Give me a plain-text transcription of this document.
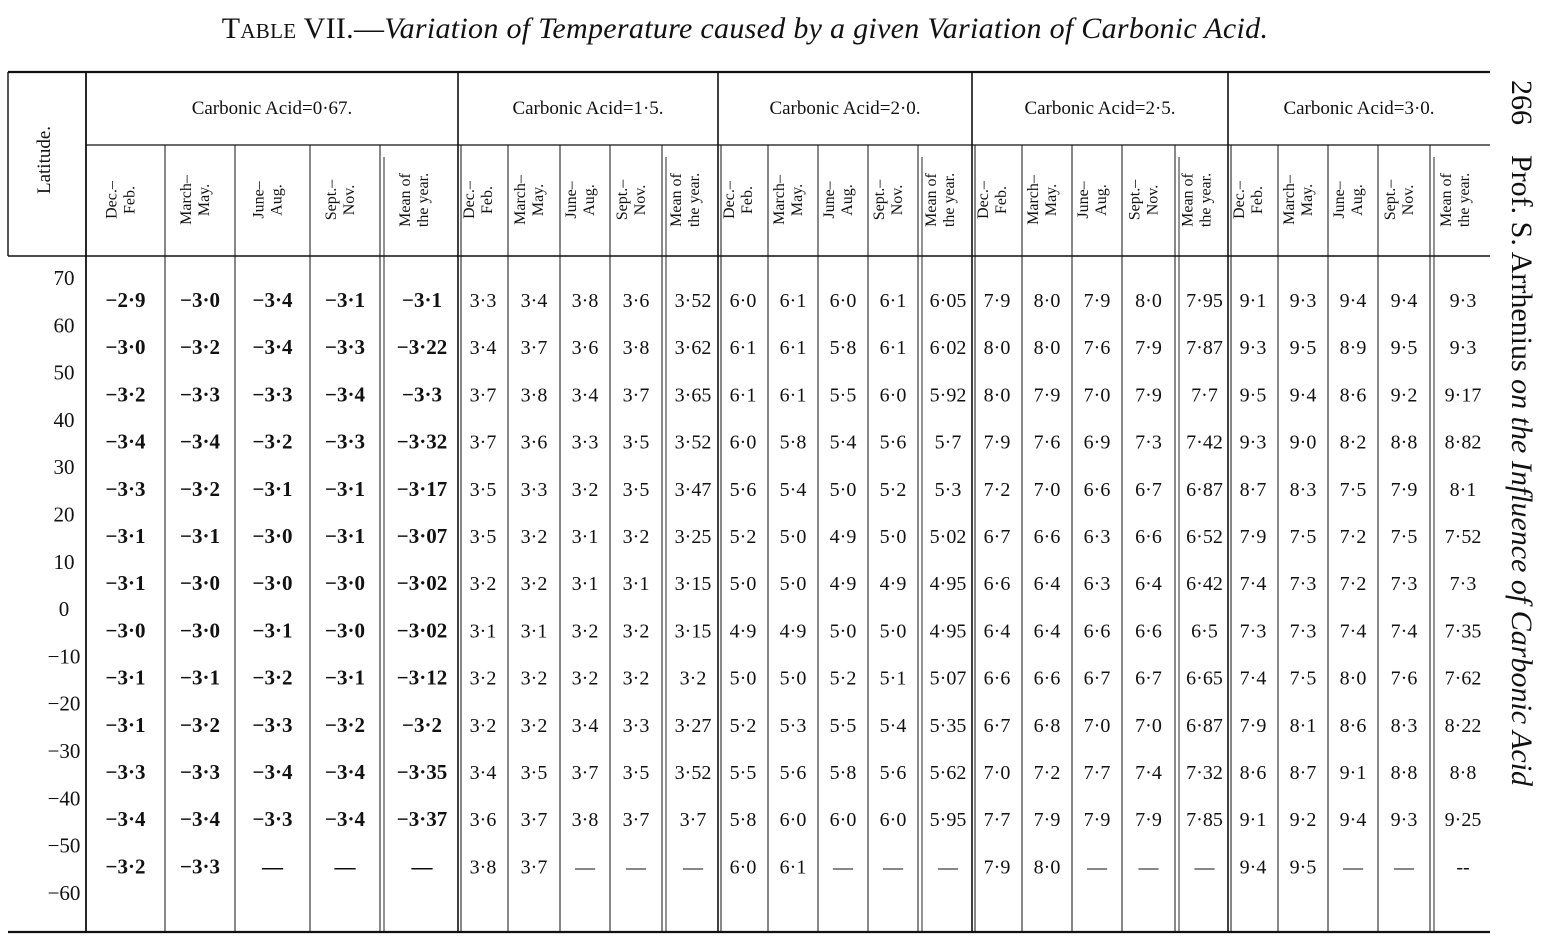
Table VII.—Variation of Temperature caused by a given Variation of Carbonic Acid.
266    Prof. S. Arrhenius on the Influence of Carbonic Acid
Latitude.
70
60
50
40
30
20
10
0
−10
−20
−30
−40
−50
−60
Carbonic Acid=0·67.
Dec.– Feb. March– May. June– Aug. Sept.– Nov. Mean of the year.
Carbonic Acid=1·5.
Dec.– Feb. March– May. June– Aug. Sept.– Nov. Mean of the year.
Carbonic Acid=2·0.
Dec.– Feb. March– May. June– Aug. Sept.– Nov. Mean of the year.
Carbonic Acid=2·5.
Dec.– Feb. March– May. June– Aug. Sept.– Nov. Mean of the year.
Carbonic Acid=3·0.
Dec.– Feb. March– May. June– Aug. Sept.– Nov. Mean of the year.
−2·9 −3·0 −3·4 −3·1 −3·1 3·3 3·4 3·8 3·6 3·52 6·0 6·1 6·0 6·1 6·05 7·9 8·0 7·9 8·0 7·95 9·1 9·3 9·4 9·4 9·3
−3·0 −3·2 −3·4 −3·3 −3·22 3·4 3·7 3·6 3·8 3·62 6·1 6·1 5·8 6·1 6·02 8·0 8·0 7·6 7·9 7·87 9·3 9·5 8·9 9·5 9·3
−3·2 −3·3 −3·3 −3·4 −3·3 3·7 3·8 3·4 3·7 3·65 6·1 6·1 5·5 6·0 5·92 8·0 7·9 7·0 7·9 7·7 9·5 9·4 8·6 9·2 9·17
−3·4 −3·4 −3·2 −3·3 −3·32 3·7 3·6 3·3 3·5 3·52 6·0 5·8 5·4 5·6 5·7 7·9 7·6 6·9 7·3 7·42 9·3 9·0 8·2 8·8 8·82
−3·3 −3·2 −3·1 −3·1 −3·17 3·5 3·3 3·2 3·5 3·47 5·6 5·4 5·0 5·2 5·3 7·2 7·0 6·6 6·7 6·87 8·7 8·3 7·5 7·9 8·1
−3·1 −3·1 −3·0 −3·1 −3·07 3·5 3·2 3·1 3·2 3·25 5·2 5·0 4·9 5·0 5·02 6·7 6·6 6·3 6·6 6·52 7·9 7·5 7·2 7·5 7·52
−3·1 −3·0 −3·0 −3·0 −3·02 3·2 3·2 3·1 3·1 3·15 5·0 5·0 4·9 4·9 4·95 6·6 6·4 6·3 6·4 6·42 7·4 7·3 7·2 7·3 7·3
−3·0 −3·0 −3·1 −3·0 −3·02 3·1 3·1 3·2 3·2 3·15 4·9 4·9 5·0 5·0 4·95 6·4 6·4 6·6 6·6 6·5 7·3 7·3 7·4 7·4 7·35
−3·1 −3·1 −3·2 −3·1 −3·12 3·2 3·2 3·2 3·2 3·2 5·0 5·0 5·2 5·1 5·07 6·6 6·6 6·7 6·7 6·65 7·4 7·5 8·0 7·6 7·62
−3·1 −3·2 −3·3 −3·2 −3·2 3·2 3·2 3·4 3·3 3·27 5·2 5·3 5·5 5·4 5·35 6·7 6·8 7·0 7·0 6·87 7·9 8·1 8·6 8·3 8·22
−3·3 −3·3 −3·4 −3·4 −3·35 3·4 3·5 3·7 3·5 3·52 5·5 5·6 5·8 5·6 5·62 7·0 7·2 7·7 7·4 7·32 8·6 8·7 9·1 8·8 8·8
−3·4 −3·4 −3·3 −3·4 −3·37 3·6 3·7 3·8 3·7 3·7 5·8 6·0 6·0 6·0 5·95 7·7 7·9 7·9 7·9 7·85 9·1 9·2 9·4 9·3 9·25
−3·2 −3·3 — —	— 3·8 3·7 — — — 6·0 6·1 — — — 7·9 8·0 — — — 9·4 9·5 — — --
